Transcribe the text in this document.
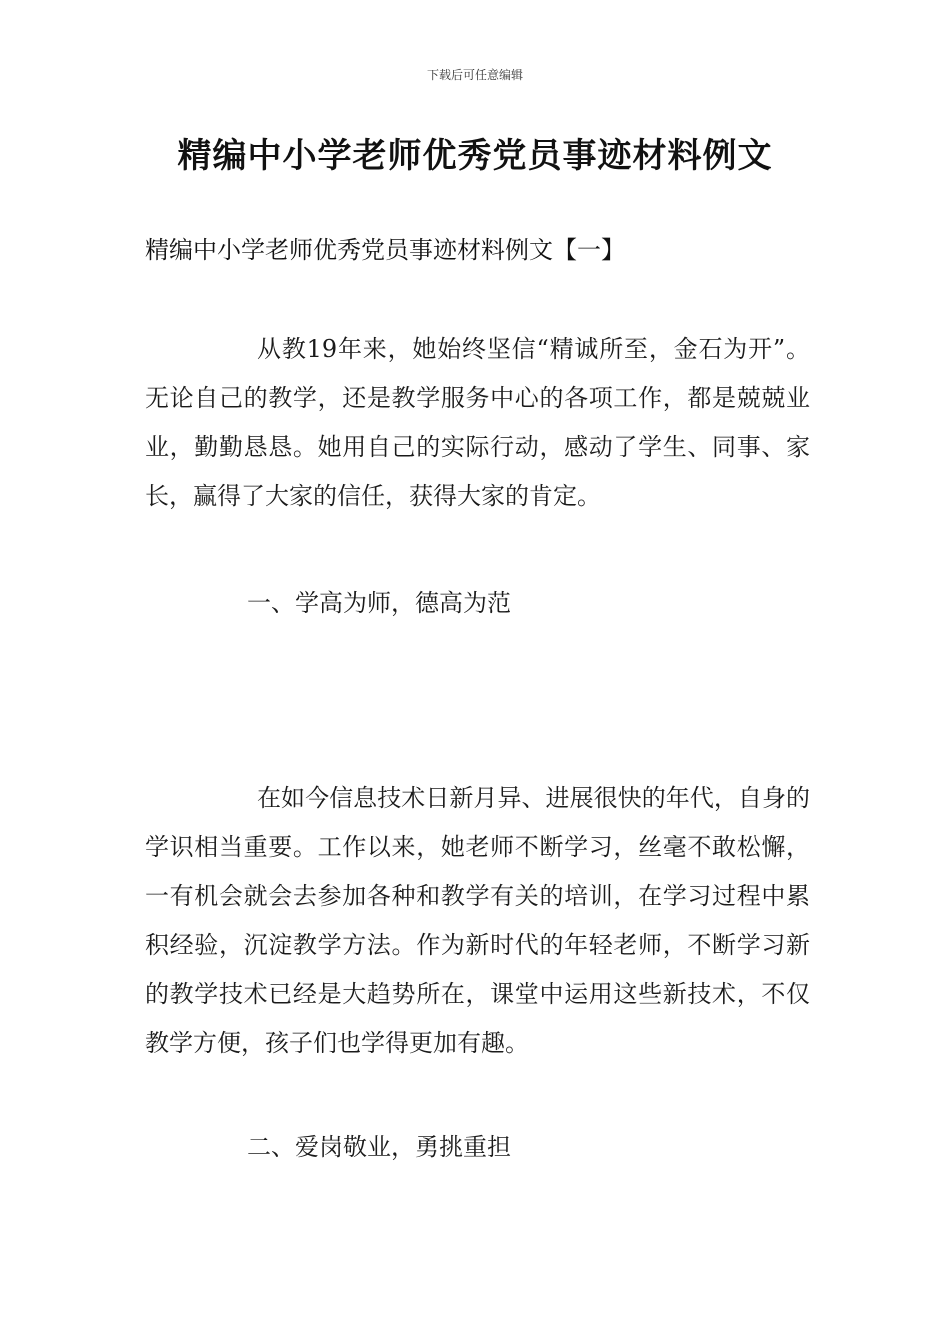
下载后可任意编辑
精编中小学老师优秀党员事迹材料例文

精编中小学老师优秀党员事迹材料例文【一】

从教19年来，她始终坚信“精诚所至，金石为开”。无论自己的教学，还是教学服务中心的各项工作，都是兢兢业业，勤勤恳恳。她用自己的实际行动，感动了学生、同事、家长，赢得了大家的信任，获得大家的肯定。

一、学高为师，德高为范

在如今信息技术日新月异、进展很快的年代，自身的学识相当重要。工作以来，她老师不断学习，丝毫不敢松懈，一有机会就会去参加各种和教学有关的培训，在学习过程中累积经验，沉淀教学方法。作为新时代的年轻老师，不断学习新的教学技术已经是大趋势所在，课堂中运用这些新技术，不仅教学方便，孩子们也学得更加有趣。

二、爱岗敬业，勇挑重担
